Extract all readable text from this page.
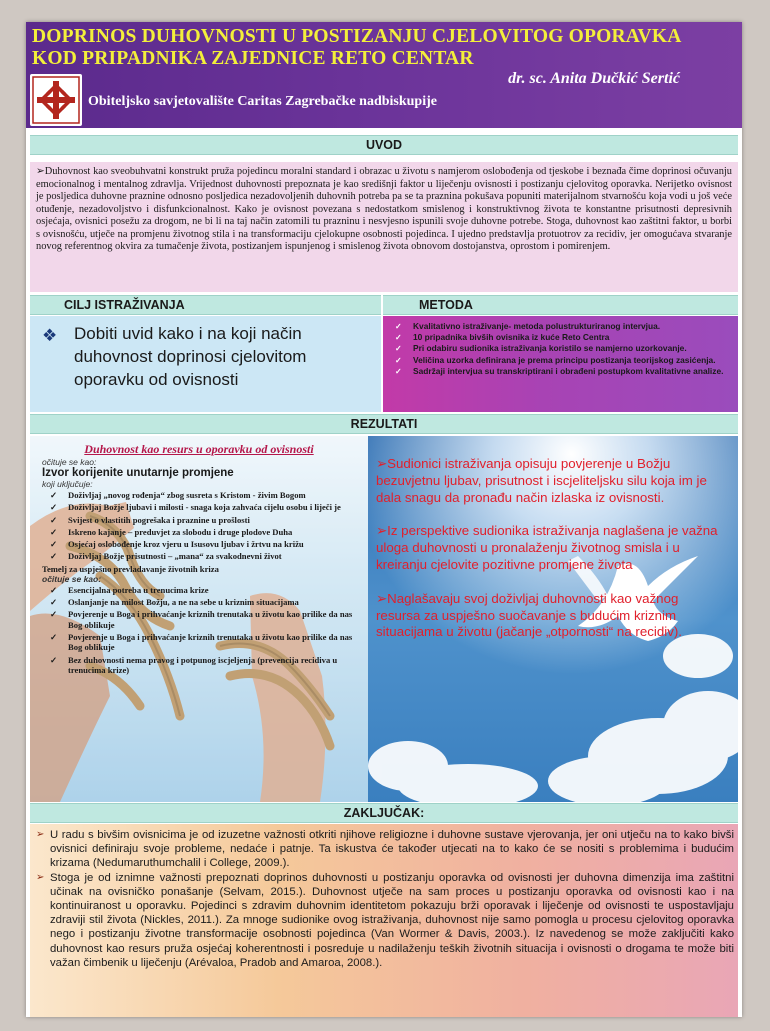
DOPRINOS DUHOVNOSTI U POSTIZANJU CJELOVITOG OPORAVKA
KOD PRIPADNIKA ZAJEDNICE RETO CENTAR
dr. sc. Anita Dučkić Sertić
Obiteljsko savjetovalište Caritas Zagrebačke nadbiskupije
UVOD
➢Duhovnost kao sveobuhvatni konstrukt pruža pojedincu moralni standard i obrazac u životu s namjerom oslobođenja od tjeskobe i beznađa čime doprinosi očuvanju emocionalnog i mentalnog zdravlja. Vrijednost duhovnosti prepoznata je kao središnji faktor u liječenju ovisnosti i postizanju cjelovitog oporavka. Nerijetko ovisnost je posljedica duhovne praznine odnosno posljedica nezadovoljenih duhovnih potreba pa se ta praznina pokušava popuniti materijalnom stvarnošću koja vodi u još veće otuđenje, nezadovoljstvo i disfunkcionalnost. Kako je ovisnost povezana s nedostatkom smislenog i konstruktivnog života te konstantne prisutnosti depresivnih osjećaja, ovisnici posežu za drogom, ne bi li na taj način zatomili tu prazninu i nesvjesno ispunili svoje duhovne potrebe. Stoga, duhovnost kao zaštitni faktor, u borbi s ovisnošću, utječe na promjenu životnog stila i na transformaciju cjelokupne osobnosti pojedinca. I ujedno predstavlja protuotrov za recidiv, jer omogućava stvaranje novog referentnog okvira za tumačenje života, postizanjem ispunjenog i smislenog života obnovom dostojanstva, oprostom i pomirenjem.
CILJ ISTRAŽIVANJA	METODA
❖ Dobiti uvid kako i na koji način duhovnost doprinosi cjelovitom oporavku od ovisnosti
✓ Kvalitativno istraživanje- metoda polustrukturiranog intervjua.
✓ 10 pripadnika bivših ovisnika iz kuće Reto Centra
✓ Pri odabiru sudionika istraživanja koristilo se namjerno uzorkovanje.
✓ Veličina uzorka definirana je prema principu postizanja teorijskog zasićenja.
✓ Sadržaji intervjua su transkriptirani i obrađeni postupkom kvalitativne analize.
REZULTATI
Duhovnost kao resurs u oporavku od ovisnosti
očituje se kao:
Izvor korijenite unutarnje promjene
koji uključuje:
✓ Doživljaj „novog rođenja“ zbog susreta s Kristom - živim Bogom
✓ Doživljaj Božje ljubavi i milosti - snaga koja zahvaća cijelu osobu i liječi je
✓ Svijest o vlastitih pogrešaka i praznine u prošlosti
✓ Iskreno kajanje – preduvjet za slobodu i druge plodove Duha
✓ Osjećaj oslobođenje kroz vjeru u Isusovu ljubav i žrtvu na križu
✓ Doživljaj Božje prisutnosti – „mana“ za svakodnevni život
Temelj za uspješno prevladavanje životnih kriza
očituje se kao:
✓ Esencijalna potreba u trenucima krize
✓ Oslanjanje na milost Božju, a ne na sebe u kriznim situacijama
✓ Povjerenje u Boga i prihvaćanje kriznih trenutaka u životu kao prilike da nas Bog oblikuje
✓ Povjerenje u Boga i prihvaćanje kriznih trenutaka u životu kao prilike da nas Bog oblikuje
✓ Bez duhovnosti nema pravog i potpunog iscjeljenja (prevencija recidiva u trenucima krize)

➢Sudionici istraživanja opisuju povjerenje u Božju bezuvjetnu ljubav, prisutnost i iscjeliteljsku silu koja im je dala snagu da pronađu način izlaska iz ovisnosti.

➢Iz perspektive sudionika istraživanja naglašena je važna uloga duhovnosti u pronalaženju životnog smisla i u kreiranju cjelovite pozitivne promjene života

➢Naglašavaju svoj doživljaj duhovnosti kao važnog resursa za uspješno suočavanje s budućim kriznim situacijama u životu (jačanje „otpornosti“ na recidiv).

ZAKLJUČAK:

➢ U radu s bivšim ovisnicima je od izuzetne važnosti otkriti njihove religiozne i duhovne sustave vjerovanja, jer oni utječu na to kako bivši ovisnici definiraju svoje probleme, nedaće i patnje. Ta iskustva će također utjecati na to kako će se nositi s problemima i budućim krizama (Nedumaruthumchalil i College, 2009.).

➢ Stoga je od iznimne važnosti prepoznati doprinos duhovnosti u postizanju oporavka od ovisnosti jer duhovna dimenzija ima zaštitni učinak na ovisničko ponašanje (Selvam, 2015.). Duhovnost utječe na sam proces u postizanju oporavka od ovisnosti kao i na kontinuiranost u oporavku. Pojedinci s zdravim duhovnim identitetom pokazuju brži oporavak i liječenje od ovisnosti te uspostavljaju zdraviji stil života (Nickles, 2011.). Za mnoge sudionike ovog istraživanja, duhovnost nije samo pomogla u procesu cjelovitog oporavka nego i postizanju životne transformacije osobnosti pojedinca (Van Wormer & Davis, 2003.). Iz navedenog se može zaključiti kako duhovnost kao resurs pruža osjećaj koherentnosti i posreduje u nadilaženju teških životnih situacija i ovisnosti o drogama te može biti važan čimbenik u liječenju (Arévaloa, Pradob and Amaroa, 2008.).
